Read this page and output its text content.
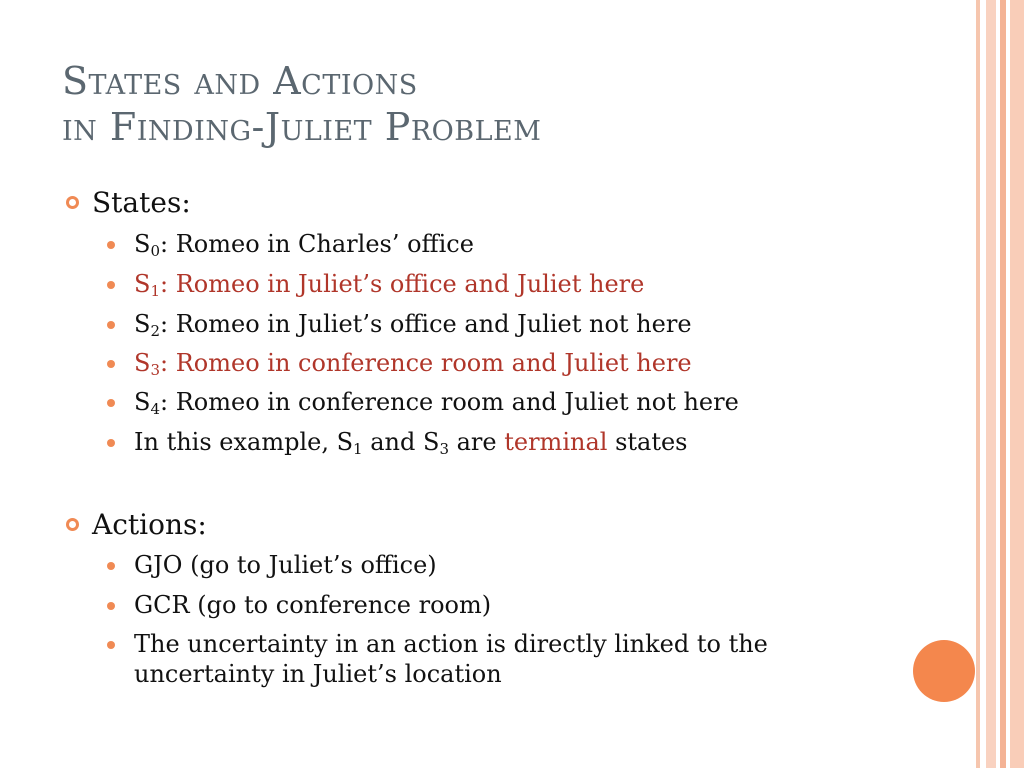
States and Actions
in Finding-Juliet Problem
States:
$S_0$: Romeo in Charles’ office
$S_1$: Romeo in Juliet’s office and Juliet here
$S_2$: Romeo in Juliet’s office and Juliet not here
$S_3$: Romeo in conference room and Juliet here
$S_4$: Romeo in conference room and Juliet not here
In this example, $S_1$ and $S_3$ are terminal states
Actions:
GJO (go to Juliet’s office)
GCR (go to conference room)
The uncertainty in an action is directly linked to the uncertainty in Juliet’s location
